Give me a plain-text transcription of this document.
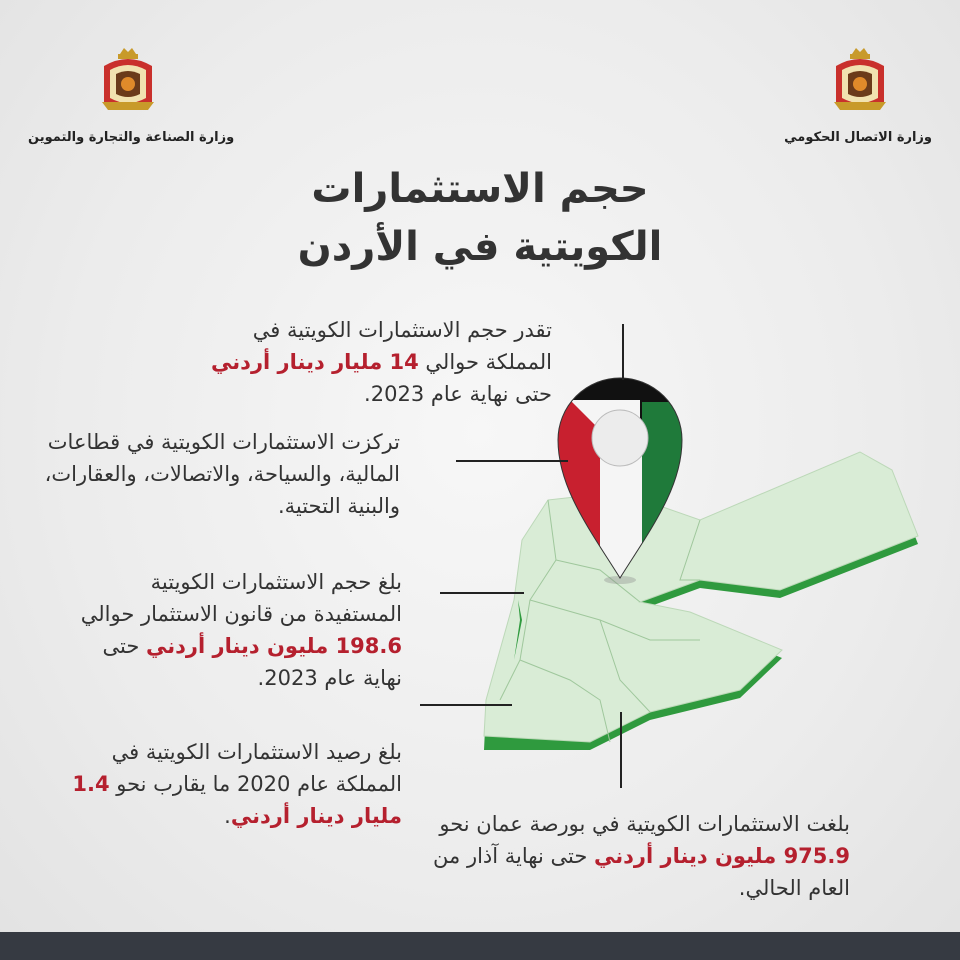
وزارة الصناعة والتجارة والتموين	وزارة الاتصال الحكومي
حجم الاستثمارات
الكويتية في الأردن
تقدر حجم الاستثمارات الكويتية في المملكة حوالي 14 مليار دينار أردني حتى نهاية عام 2023.
تركزت الاستثمارات الكويتية في قطاعات المالية، والسياحة، والاتصالات، والعقارات، والبنية التحتية.
بلغ حجم الاستثمارات الكويتية المستفيدة من قانون الاستثمار حوالي 198.6 مليون دينار أردني حتى نهاية عام 2023.
بلغ رصيد الاستثمارات الكويتية في المملكة عام 2020 ما يقارب نحو 1.4 مليار دينار أردني.	بلغت الاستثمارات الكويتية في بورصة عمان نحو 975.9 مليون دينار أردني حتى نهاية آذار من العام الحالي.
